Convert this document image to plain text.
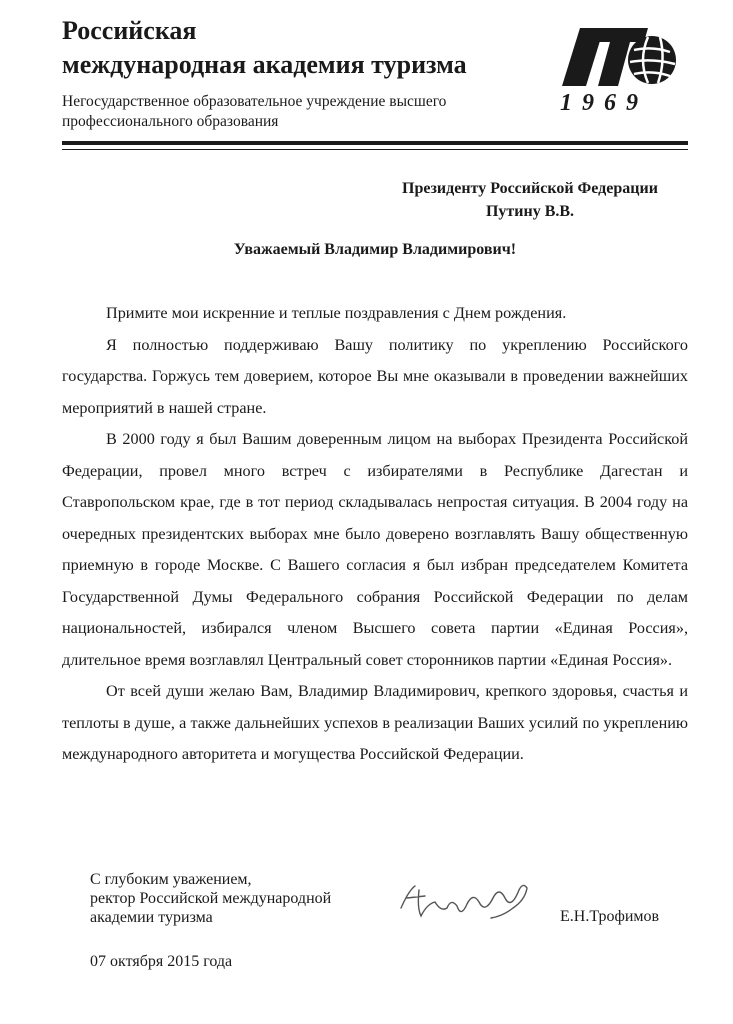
Российская
международная академия туризма
Негосударственное образовательное учреждение высшего
профессионального образования
1969
Президенту Российской Федерации
Путину В.В.
Уважаемый Владимир Владимирович!

Примите мои искренние и теплые поздравления с Днем рождения.

Я полностью поддерживаю Вашу политику по укреплению Российского государства. Горжусь тем доверием, которое Вы мне оказывали в проведении важнейших мероприятий в нашей стране.

В 2000 году я был Вашим доверенным лицом на выборах Президента Российской Федерации, провел много встреч с избирателями в Республике Дагестан и Ставропольском крае, где в тот период складывалась непростая ситуация. В 2004 году на очередных президентских выборах мне было доверено возглавлять Вашу общественную приемную в городе Москве. С Вашего согласия я был избран председателем Комитета Государственной Думы Федерального собрания Российской Федерации по делам национальностей, избирался членом Высшего совета партии «Единая Россия», длительное время возглавлял Центральный совет сторонников партии «Единая Россия».

От всей души желаю Вам, Владимир Владимирович, крепкого здоровья, счастья и теплоты в душе, а также дальнейших успехов в реализации Ваших усилий по укреплению международного авторитета и могущества Российской Федерации.

С глубоким уважением,
ректор Российской международной
академии туризма	Е.Н.Трофимов
07 октября 2015 года
